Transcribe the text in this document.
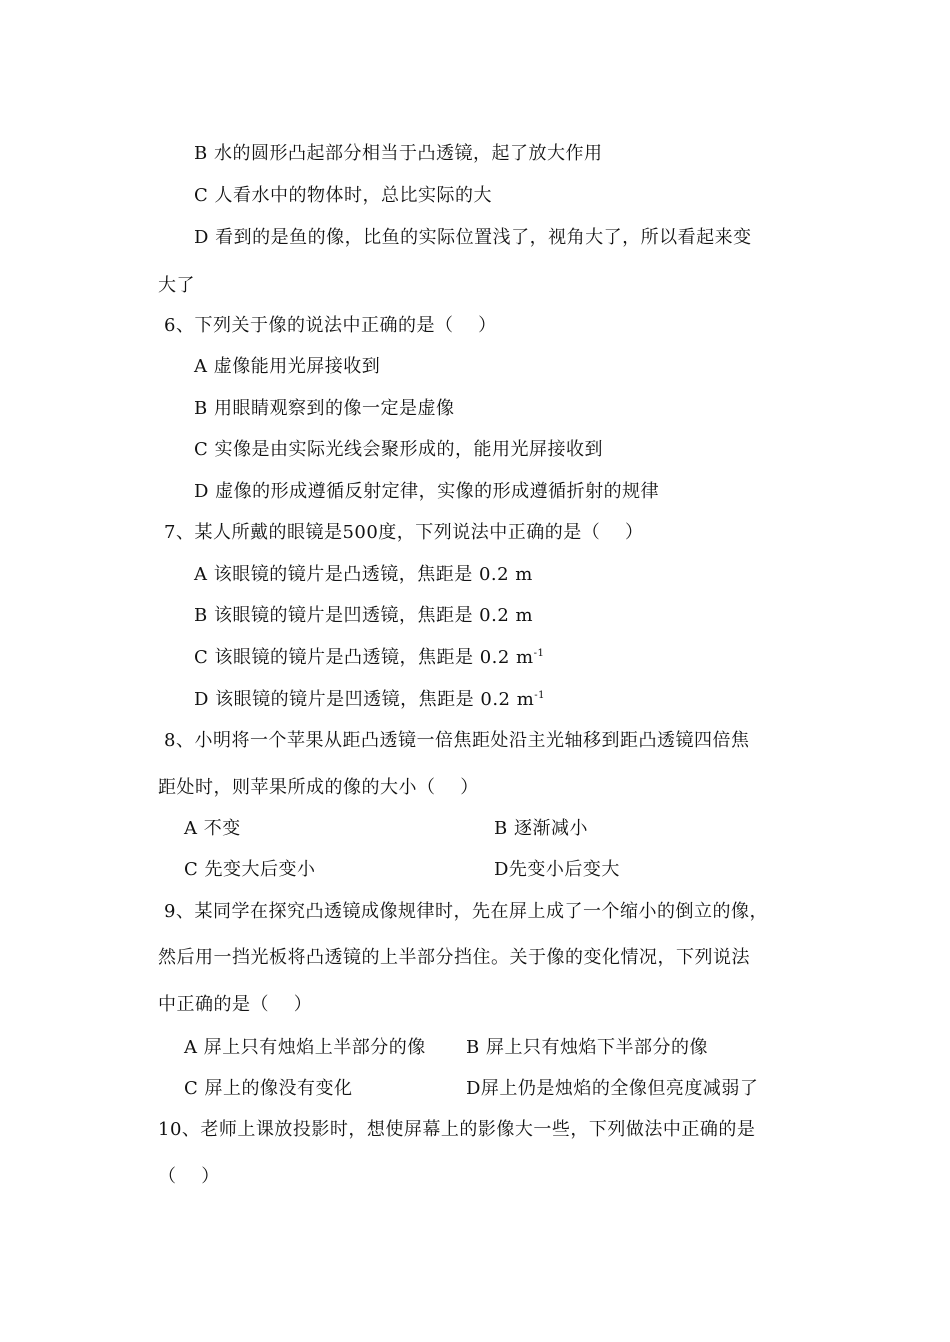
B 水的圆形凸起部分相当于凸透镜，起了放大作用
C 人看水中的物体时，总比实际的大
D 看到的是鱼的像，比鱼的实际位置浅了，视角大了，所以看起来变
大了
6、下列关于像的说法中正确的是（　 ）
A 虚像能用光屏接收到
B 用眼睛观察到的像一定是虚像
C 实像是由实际光线会聚形成的，能用光屏接收到
D 虚像的形成遵循反射定律，实像的形成遵循折射的规律
7、某人所戴的眼镜是500度，下列说法中正确的是（　 ）
A 该眼镜的镜片是凸透镜，焦距是 0.2 m
B 该眼镜的镜片是凹透镜，焦距是 0.2 m
C 该眼镜的镜片是凸透镜，焦距是 0.2 $m^{-1}$
D 该眼镜的镜片是凹透镜，焦距是 0.2 $m^{-1}$
8、小明将一个苹果从距凸透镜一倍焦距处沿主光轴移到距凸透镜四倍焦
距处时，则苹果所成的像的大小（　 ）
A 不变	B 逐渐减小
C 先变大后变小	D先变小后变大
9、某同学在探究凸透镜成像规律时，先在屏上成了一个缩小的倒立的像，
然后用一挡光板将凸透镜的上半部分挡住。关于像的变化情况，下列说法
中正确的是（　 ）
A 屏上只有烛焰上半部分的像 B 屏上只有烛焰下半部分的像
C 屏上的像没有变化	D屏上仍是烛焰的全像但亮度减弱了
10、老师上课放投影时，想使屏幕上的影像大一些，下列做法中正确的是
（　 ）
